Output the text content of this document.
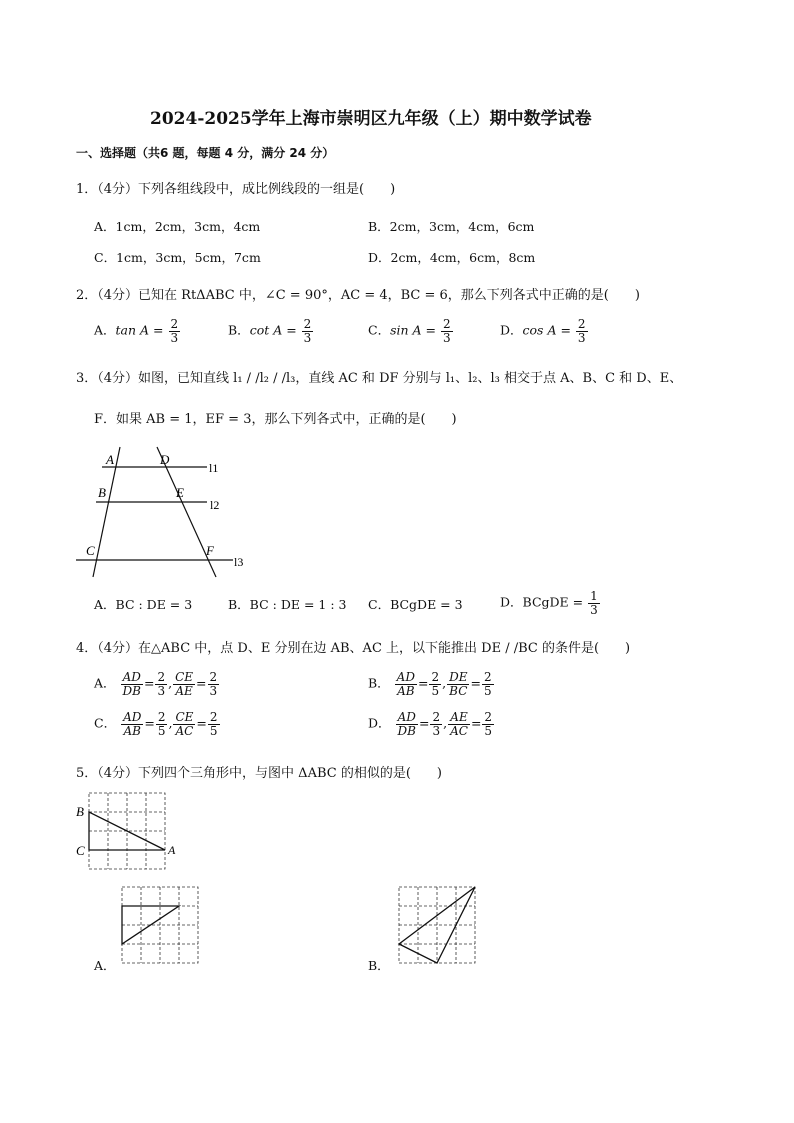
2024-2025学年上海市崇明区九年级（上）期中数学试卷
一、选择题（共6 题，每题 4 分，满分 24 分）
1．（4分）下列各组线段中，成比例线段的一组是(　　)
A．1cm，2cm，3cm，4cm	B．2cm，3cm，4cm，6cm
C．1cm，3cm，5cm，7cm	D．2cm，4cm，6cm，8cm
2．（4分）已知在 RtΔABC 中，∠C = 90°，AC = 4，BC = 6，那么下列各式中正确的是(　　)
A．$\tan A = \frac{2}{3}$	B．$\cot A = \frac{2}{3}$	C．$\sin A = \frac{2}{3}$	D．$\cos A = \frac{2}{3}$
3．（4分）如图，已知直线 l₁ / /l₂ / /l₃，直线 AC 和 DF 分别与 l₁、l₂、l₃ 相交于点 A、B、C 和 D、E、
F．如果 AB = 1，EF = 3，那么下列各式中，正确的是(　　)
A	D
B	E
C	F
l1
l2
l3
A．BC : DE = 3	B．BC : DE = 1 : 3 C．BCgDE = 3	D．BCgDE = $\frac{1}{3}$
4．（4分）在△ABC 中，点 D、E 分别在边 AB、AC 上，以下能推出 DE / /BC 的条件是(　　)
A． $\frac{AD}{DB} = \frac{2}{3}$ , $\frac{CE}{AE} = \frac{2}{3}$	B． $\frac{AD}{AB} = \frac{2}{5}$ , $\frac{DE}{BC} = \frac{2}{5}$
C． $\frac{AD}{AB} = \frac{2}{5}$ , $\frac{CE}{AC} = \frac{2}{5}$	D． $\frac{AD}{DB} = \frac{2}{3}$ , $\frac{AE}{AC} = \frac{2}{5}$
5．（4分）下列四个三角形中，与图中 ΔABC 的相似的是(　　)
B
C	A
A．	B．
